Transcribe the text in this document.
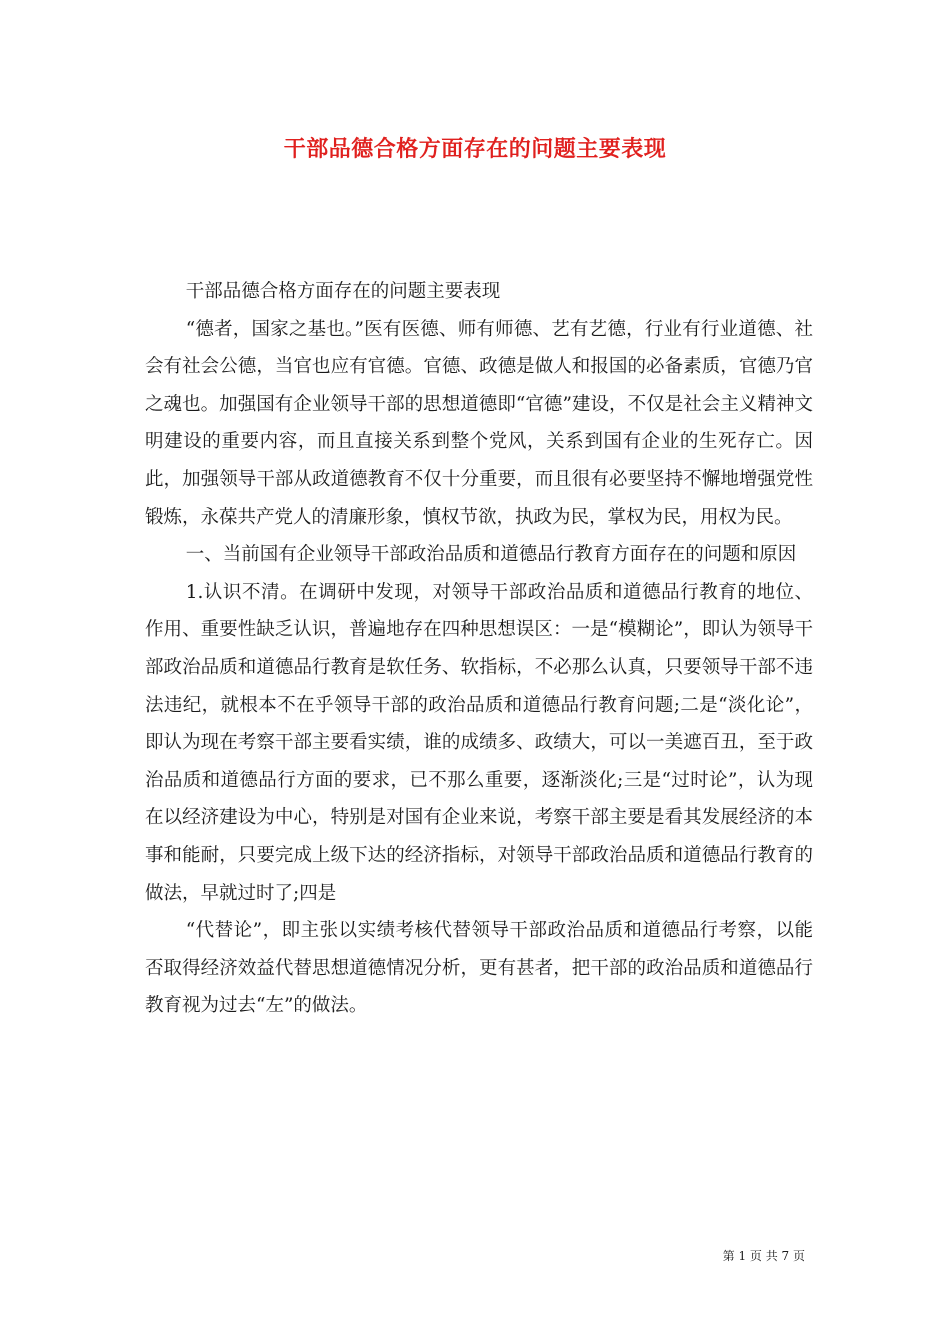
干部品德合格方面存在的问题主要表现

干部品德合格方面存在的问题主要表现

“德者，国家之基也。”医有医德、师有师德、艺有艺德，行业有行业道德、社会有社会公德，当官也应有官德。官德、政德是做人和报国的必备素质，官德乃官之魂也。加强国有企业领导干部的思想道德即“官德”建设，不仅是社会主义精神文明建设的重要内容，而且直接关系到整个党风，关系到国有企业的生死存亡。因此，加强领导干部从政道德教育不仅十分重要，而且很有必要坚持不懈地增强党性锻炼，永葆共产党人的清廉形象，慎权节欲，执政为民，掌权为民，用权为民。

一、当前国有企业领导干部政治品质和道德品行教育方面存在的问题和原因

1.认识不清。在调研中发现，对领导干部政治品质和道德品行教育的地位、作用、重要性缺乏认识，普遍地存在四种思想误区：一是“模糊论”，即认为领导干部政治品质和道德品行教育是软任务、软指标，不必那么认真，只要领导干部不违法违纪，就根本不在乎领导干部的政治品质和道德品行教育问题;二是“淡化论”，即认为现在考察干部主要看实绩，谁的成绩多、政绩大，可以一美遮百丑，至于政治品质和道德品行方面的要求，已不那么重要，逐渐淡化;三是“过时论”，认为现在以经济建设为中心，特别是对国有企业来说，考察干部主要是看其发展经济的本事和能耐，只要完成上级下达的经济指标，对领导干部政治品质和道德品行教育的做法，早就过时了;四是

“代替论”，即主张以实绩考核代替领导干部政治品质和道德品行考察，以能否取得经济效益代替思想道德情况分析，更有甚者，把干部的政治品质和道德品行教育视为过去“左”的做法。

第 1 页 共 7 页
